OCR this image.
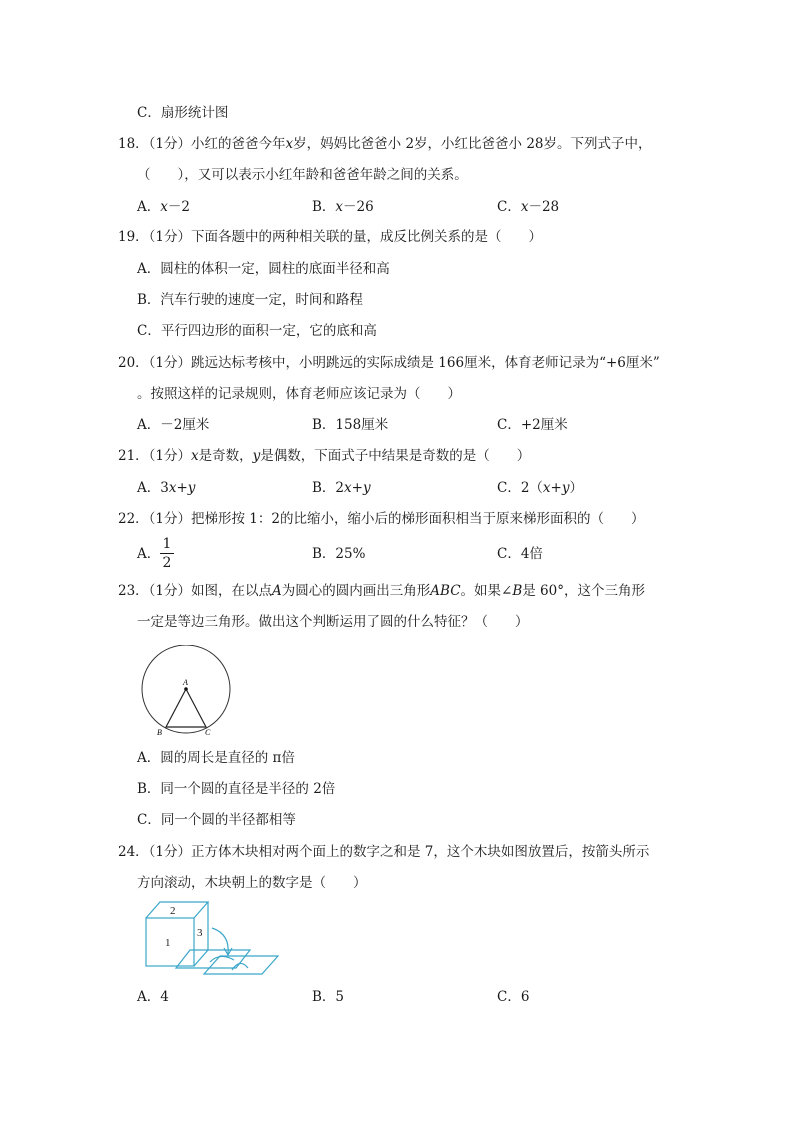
C．扇形统计图
18．（1分）小红的爸爸今年x岁，妈妈比爸爸小 2岁，小红比爸爸小 28岁。下列式子中，
（　　），又可以表示小红年龄和爸爸年龄之间的关系。
A．x－2	B．x－26	C．x－28
19．（1分）下面各题中的两种相关联的量，成反比例关系的是（　　）
A．圆柱的体积一定，圆柱的底面半径和高
B．汽车行驶的速度一定，时间和路程
C．平行四边形的面积一定，它的底和高
20．（1分）跳远达标考核中，小明跳远的实际成绩是 166厘米，体育老师记录为“+6厘米”
。按照这样的记录规则，体育老师应该记录为（　　）
A．－2厘米	B．158厘米	C．+2厘米
21．（1分）x是奇数，y是偶数，下面式子中结果是奇数的是（　　）
A．3x+y	B．2x+y	C．2（x+y）
22．（1分）把梯形按 1：2的比缩小，缩小后的梯形面积相当于原来梯形面积的（　　）
A．
1
2
B．25%	C．4倍
23．（1分）如图，在以点A为圆心的圆内画出三角形ABC。如果∠B是 60°，这个三角形
一定是等边三角形。做出这个判断运用了圆的什么特征？（　　）
A
B	C
A．圆的周长是直径的 π倍
B．同一个圆的直径是半径的 2倍
C．同一个圆的半径都相等
24．（1分）正方体木块相对两个面上的数字之和是 7，这个木块如图放置后，按箭头所示
方向滚动，木块朝上的数字是（　　）
2
1
3
A．4	B．5	C．6
